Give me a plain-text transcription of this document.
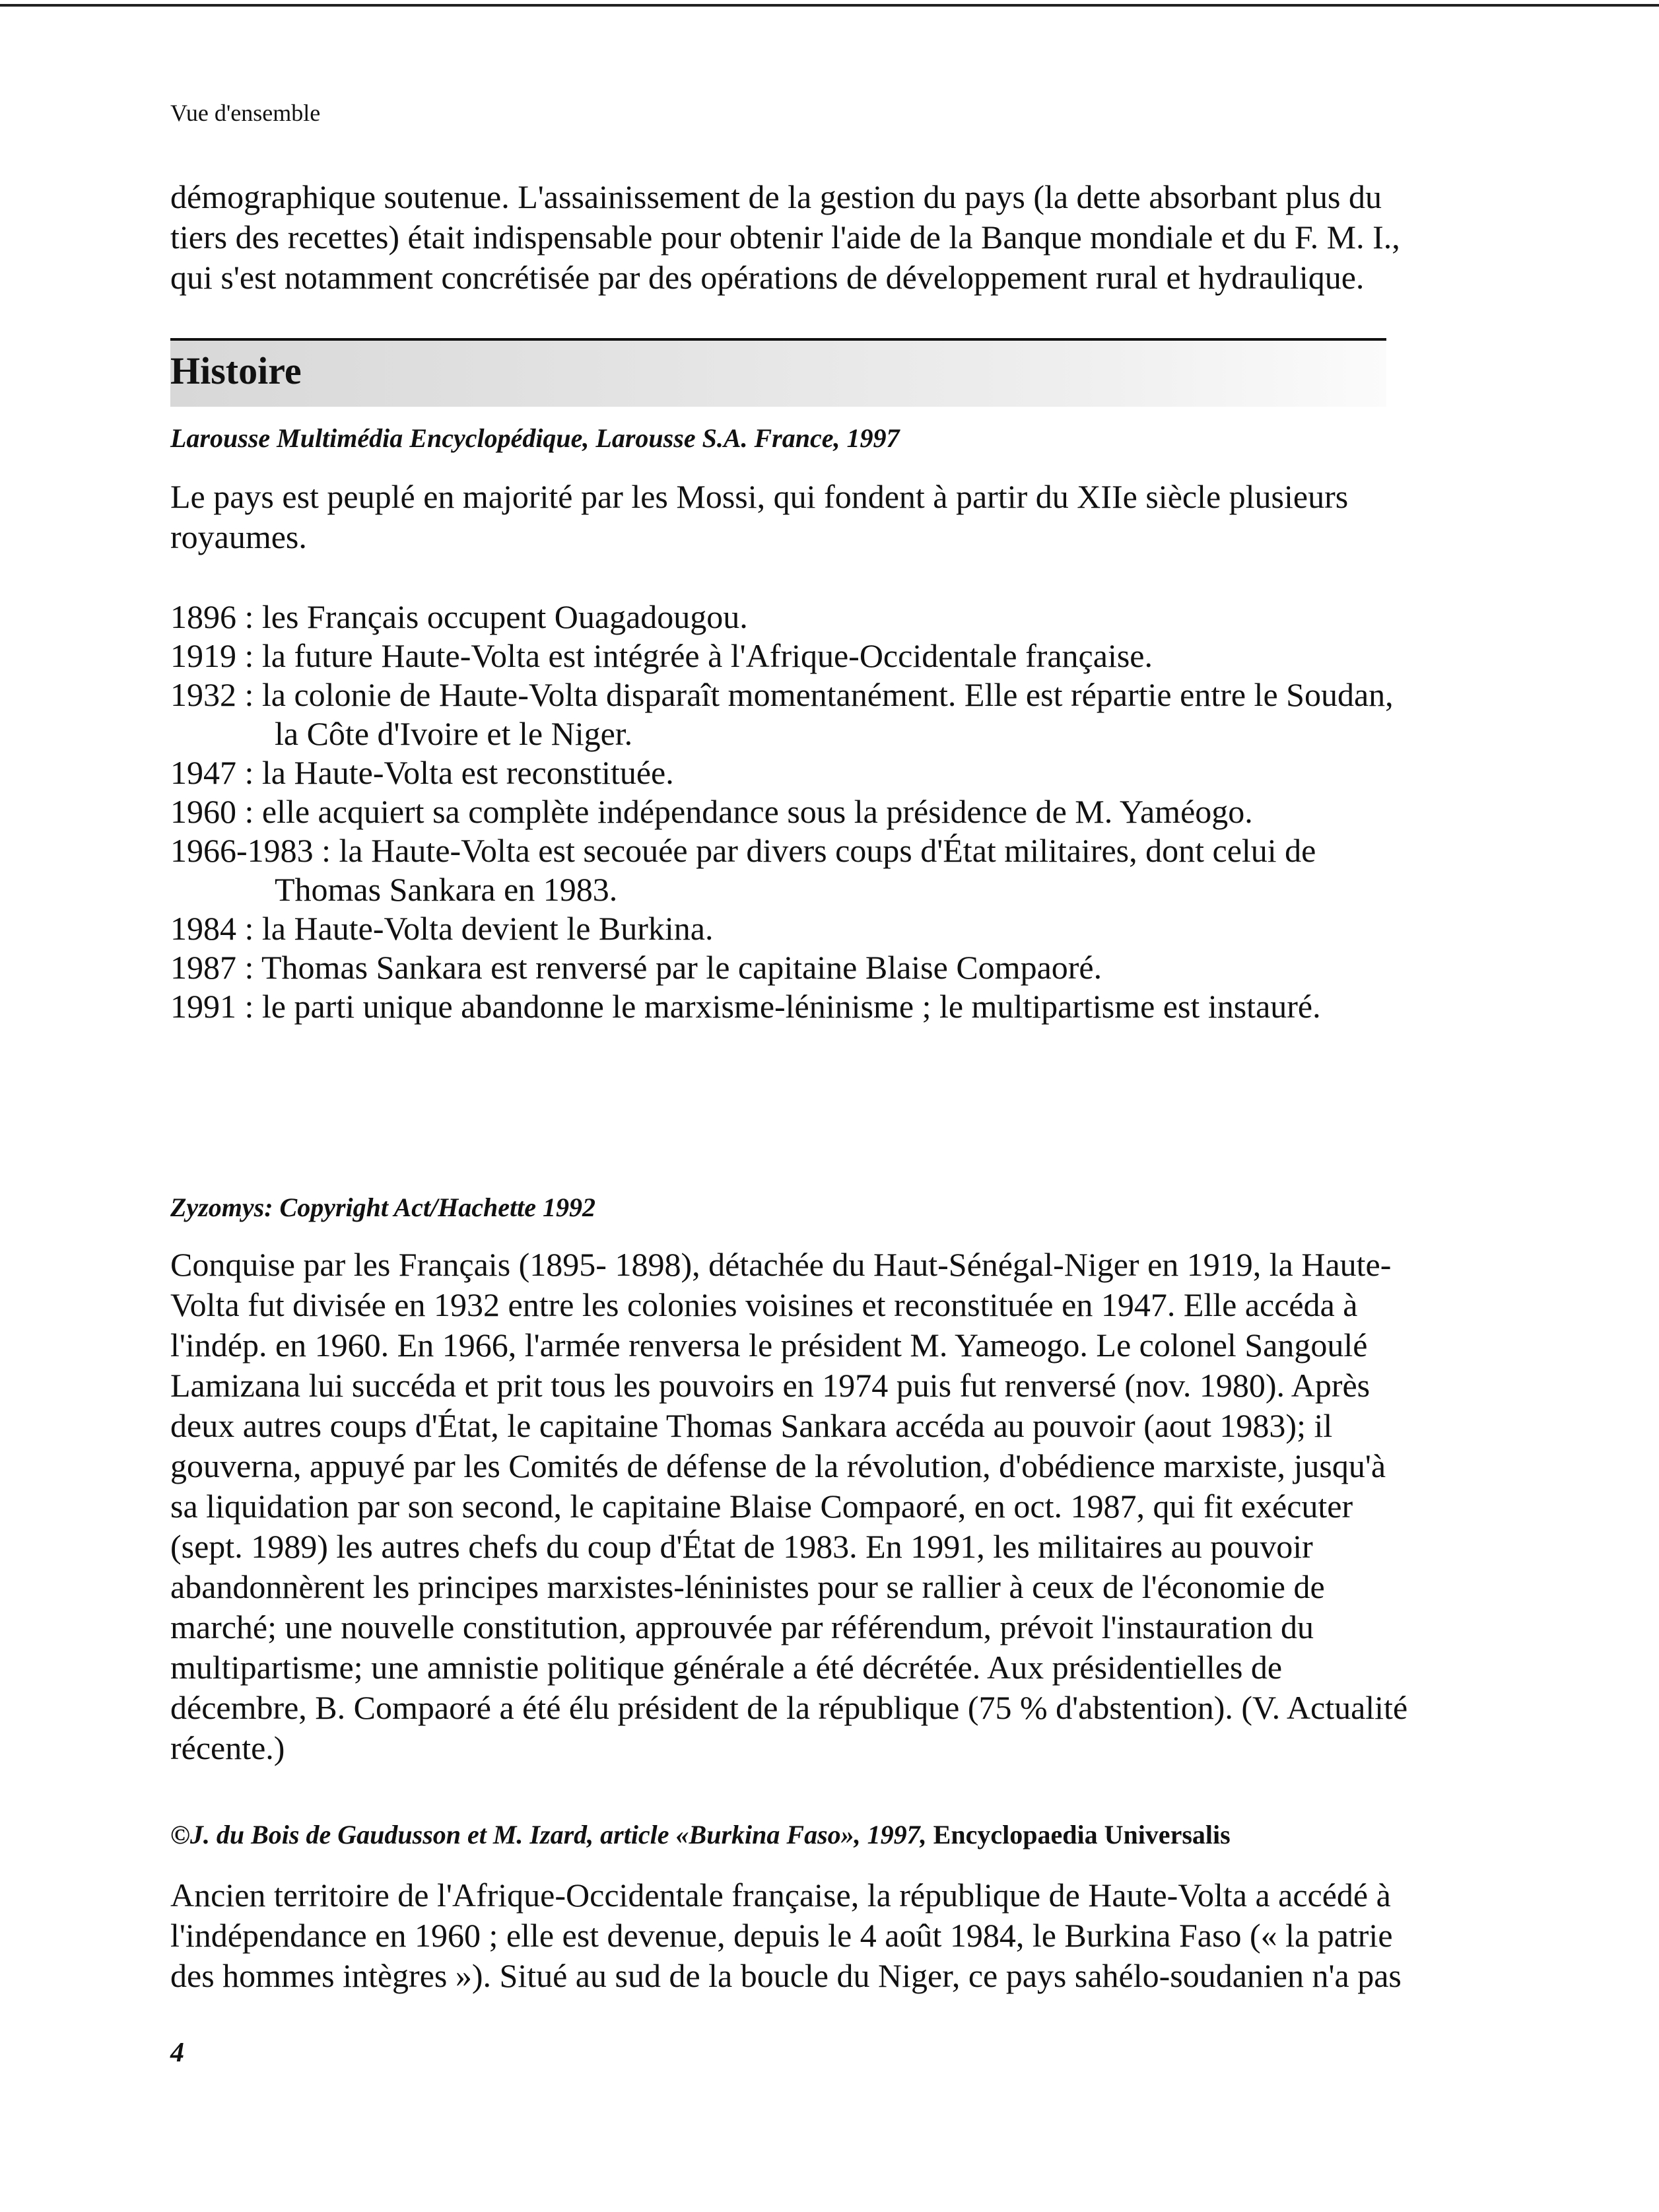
Vue d'ensemble

démographique soutenue. L'assainissement de la gestion du pays (la dette absorbant plus du tiers des recettes) était indispensable pour obtenir l'aide de la Banque mondiale et du F. M. I., qui s'est notamment concrétisée par des opérations de développement rural et hydraulique.

Histoire
Larousse Multimédia Encyclopédique, Larousse S.A. France, 1997

Le pays est peuplé en majorité par les Mossi, qui fondent à partir du XIIe siècle plusieurs royaumes.

1896 : les Français occupent Ouagadougou.

1919 : la future Haute-Volta est intégrée à l'Afrique-Occidentale française.

1932 : la colonie de Haute-Volta disparaît momentanément. Elle est répartie entre le Soudan, la Côte d'Ivoire et le Niger.

1947 : la Haute-Volta est reconstituée.

1960 : elle acquiert sa complète indépendance sous la présidence de M. Yaméogo.

1966-1983 : la Haute-Volta est secouée par divers coups d'État militaires, dont celui de Thomas Sankara en 1983.

1984 : la Haute-Volta devient le Burkina.

1987 : Thomas Sankara est renversé par le capitaine Blaise Compaoré.

1991 : le parti unique abandonne le marxisme-léninisme ; le multipartisme est instauré.

Zyzomys: Copyright Act/Hachette 1992

Conquise par les Français (1895- 1898), détachée du Haut-Sénégal-Niger en 1919, la Haute-Volta fut divisée en 1932 entre les colonies voisines et reconstituée en 1947. Elle accéda à l'indép. en 1960. En 1966, l'armée renversa le président M. Yameogo. Le colonel Sangoulé Lamizana lui succéda et prit tous les pouvoirs en 1974 puis fut renversé (nov. 1980). Après deux autres coups d'État, le capitaine Thomas Sankara accéda au pouvoir (aout 1983); il gouverna, appuyé par les Comités de défense de la révolution, d'obédience marxiste, jusqu'à sa liquidation par son second, le capitaine Blaise Compaoré, en oct. 1987, qui fit exécuter (sept. 1989) les autres chefs du coup d'État de 1983. En 1991, les militaires au pouvoir abandonnèrent les principes marxistes-léninistes pour se rallier à ceux de l'économie de marché; une nouvelle constitution, approuvée par référendum, prévoit l'instauration du multipartisme; une amnistie politique générale a été décrétée. Aux présidentielles de décembre, B. Compaoré a été élu président de la république (75 % d'abstention). (V. Actualité récente.)

©J. du Bois de Gaudusson et M. Izard, article «Burkina Faso», 1997, Encyclopaedia Universalis

Ancien territoire de l'Afrique-Occidentale française, la république de Haute-Volta a accédé à l'indépendance en 1960 ; elle est devenue, depuis le 4 août 1984, le Burkina Faso (« la patrie des hommes intègres »). Situé au sud de la boucle du Niger, ce pays sahélo-soudanien n'a pas

4
